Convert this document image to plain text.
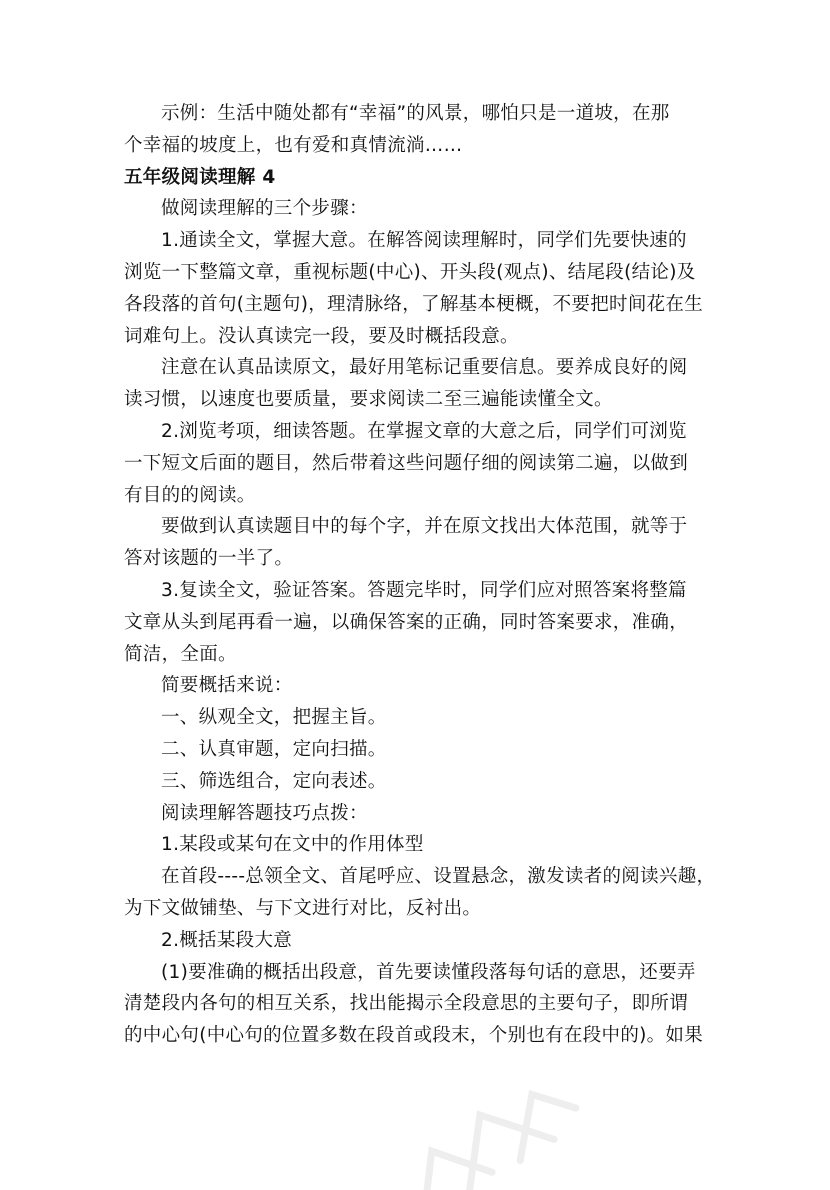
示例：生活中随处都有“幸福”的风景，哪怕只是一道坡，在那
个幸福的坡度上，也有爱和真情流淌……
五年级阅读理解 4
做阅读理解的三个步骤：
1.通读全文，掌握大意。在解答阅读理解时，同学们先要快速的
浏览一下整篇文章，重视标题(中心)、开头段(观点)、结尾段(结论)及
各段落的首句(主题句)，理清脉络，了解基本梗概，不要把时间花在生
词难句上。没认真读完一段，要及时概括段意。
注意在认真品读原文，最好用笔标记重要信息。要养成良好的阅
读习惯，以速度也要质量，要求阅读二至三遍能读懂全文。
2.浏览考项，细读答题。在掌握文章的大意之后，同学们可浏览
一下短文后面的题目，然后带着这些问题仔细的阅读第二遍，以做到
有目的的阅读。
要做到认真读题目中的每个字，并在原文找出大体范围，就等于
答对该题的一半了。
3.复读全文，验证答案。答题完毕时，同学们应对照答案将整篇
文章从头到尾再看一遍，以确保答案的正确，同时答案要求，准确，
简洁，全面。
简要概括来说：
一、纵观全文，把握主旨。
二、认真审题，定向扫描。
三、筛选组合，定向表述。
阅读理解答题技巧点拨：
1.某段或某句在文中的作用体型
在首段----总领全文、首尾呼应、设置悬念，激发读者的阅读兴趣，
为下文做铺垫、与下文进行对比，反衬出。
2.概括某段大意
(1)要准确的概括出段意，首先要读懂段落每句话的意思，还要弄
清楚段内各句的相互关系，找出能揭示全段意思的主要句子，即所谓
的中心句(中心句的位置多数在段首或段末，个别也有在段中的)。如果
